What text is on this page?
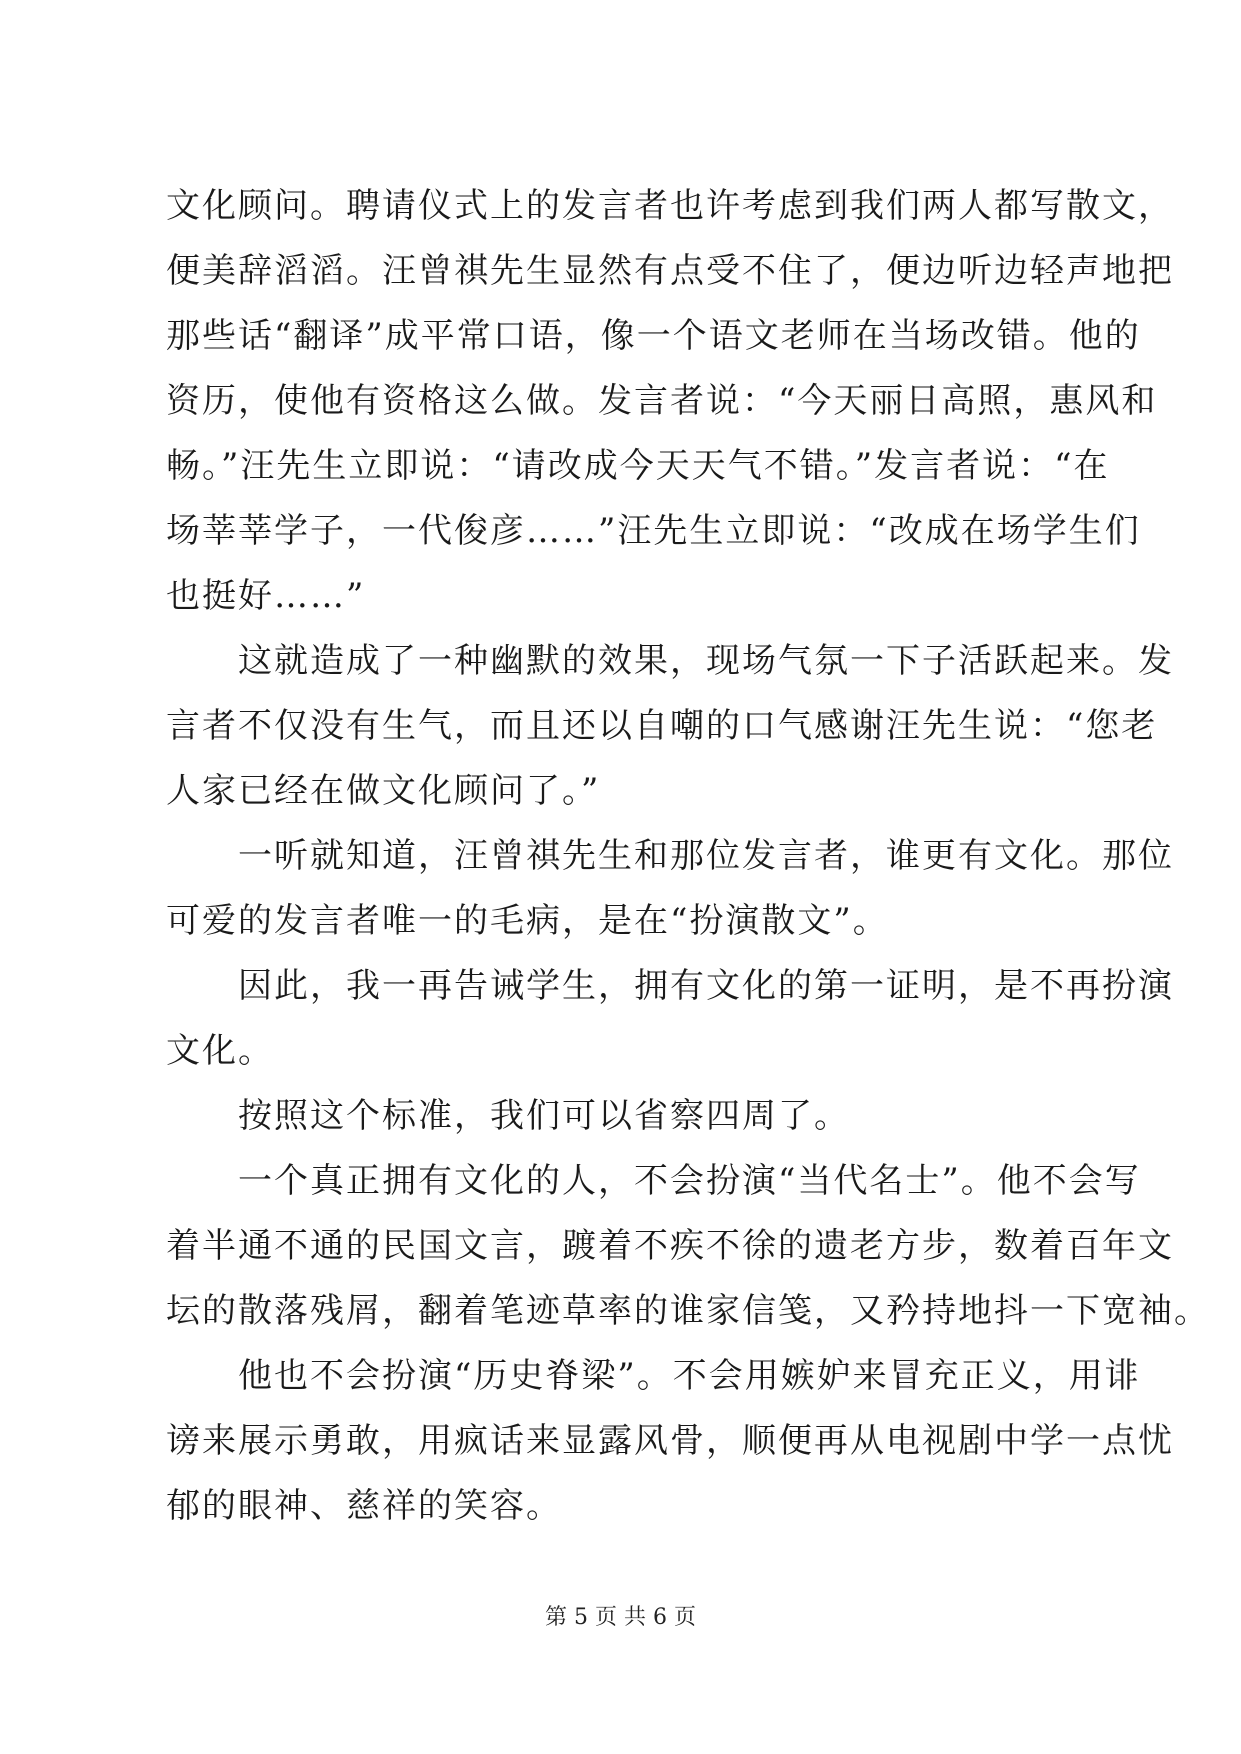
文化顾问。聘请仪式上的发言者也许考虑到我们两人都写散文，
便美辞滔滔。汪曾祺先生显然有点受不住了，便边听边轻声地把
那些话“翻译”成平常口语，像一个语文老师在当场改错。他的
资历，使他有资格这么做。发言者说：“今天丽日高照，惠风和
畅。”汪先生立即说：“请改成今天天气不错。”发言者说：“在
场莘莘学子，一代俊彦……”汪先生立即说：“改成在场学生们
也挺好……”
　　这就造成了一种幽默的效果，现场气氛一下子活跃起来。发
言者不仅没有生气，而且还以自嘲的口气感谢汪先生说：“您老
人家已经在做文化顾问了。”
　　一听就知道，汪曾祺先生和那位发言者，谁更有文化。那位
可爱的发言者唯一的毛病，是在“扮演散文”。
　　因此，我一再告诫学生，拥有文化的第一证明，是不再扮演
文化。
　　按照这个标准，我们可以省察四周了。
　　一个真正拥有文化的人，不会扮演“当代名士”。他不会写
着半通不通的民国文言，踱着不疾不徐的遗老方步，数着百年文
坛的散落残屑，翻着笔迹草率的谁家信笺，又矜持地抖一下宽袖。
　　他也不会扮演“历史脊梁”。不会用嫉妒来冒充正义，用诽
谤来展示勇敢，用疯话来显露风骨，顺便再从电视剧中学一点忧
郁的眼神、慈祥的笑容。
第 5 页 共 6 页
